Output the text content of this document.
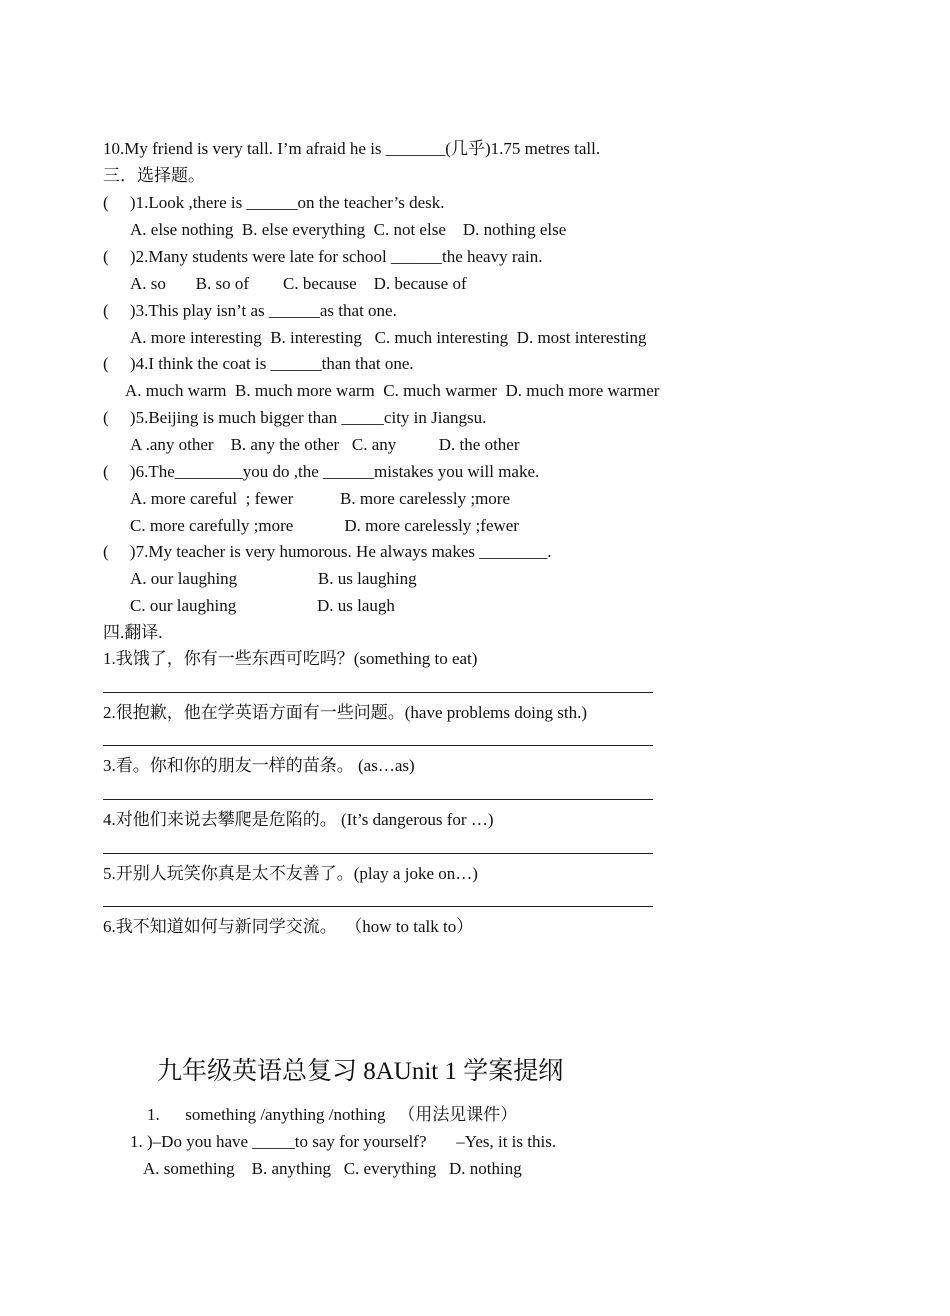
10.My friend is very tall. I’m afraid he is _______(几乎)1.75 metres tall.
三．选择题。
(     )1.Look ,there is ______on the teacher’s desk.
A. else nothing  B. else everything  C. not else    D. nothing else
(     )2.Many students were late for school ______the heavy rain.
A. so       B. so of        C. because    D. because of
(     )3.This play isn’t as ______as that one.
A. more interesting  B. interesting   C. much interesting  D. most interesting
(     )4.I think the coat is ______than that one.
A. much warm  B. much more warm  C. much warmer  D. much more warmer
(     )5.Beijing is much bigger than _____city in Jiangsu.
A .any other    B. any the other   C. any          D. the other
(     )6.The________you do ,the ______mistakes you will make.
A. more careful  ; fewer           B. more carelessly ;more
C. more carefully ;more            D. more carelessly ;fewer
(     )7.My teacher is very humorous. He always makes ________.
A. our laughing                   B. us laughing
C. our laughing                   D. us laugh
四.翻译.
1.我饿了，你有一些东西可吃吗？(something to eat)
2.很抱歉，他在学英语方面有一些问题。(have problems doing sth.)
3.看。你和你的朋友一样的苗条。 (as…as)
4.对他们来说去攀爬是危陷的。 (It’s dangerous for …)
5.开别人玩笑你真是太不友善了。(play a joke on…)
6.我不知道如何与新同学交流。  （how to talk to）
九年级英语总复习 8AUnit 1 学案提纲
1.      something /anything /nothing   （用法见课件）
1. )–Do you have _____to say for yourself?       –Yes, it is this.
A. something    B. anything   C. everything   D. nothing
